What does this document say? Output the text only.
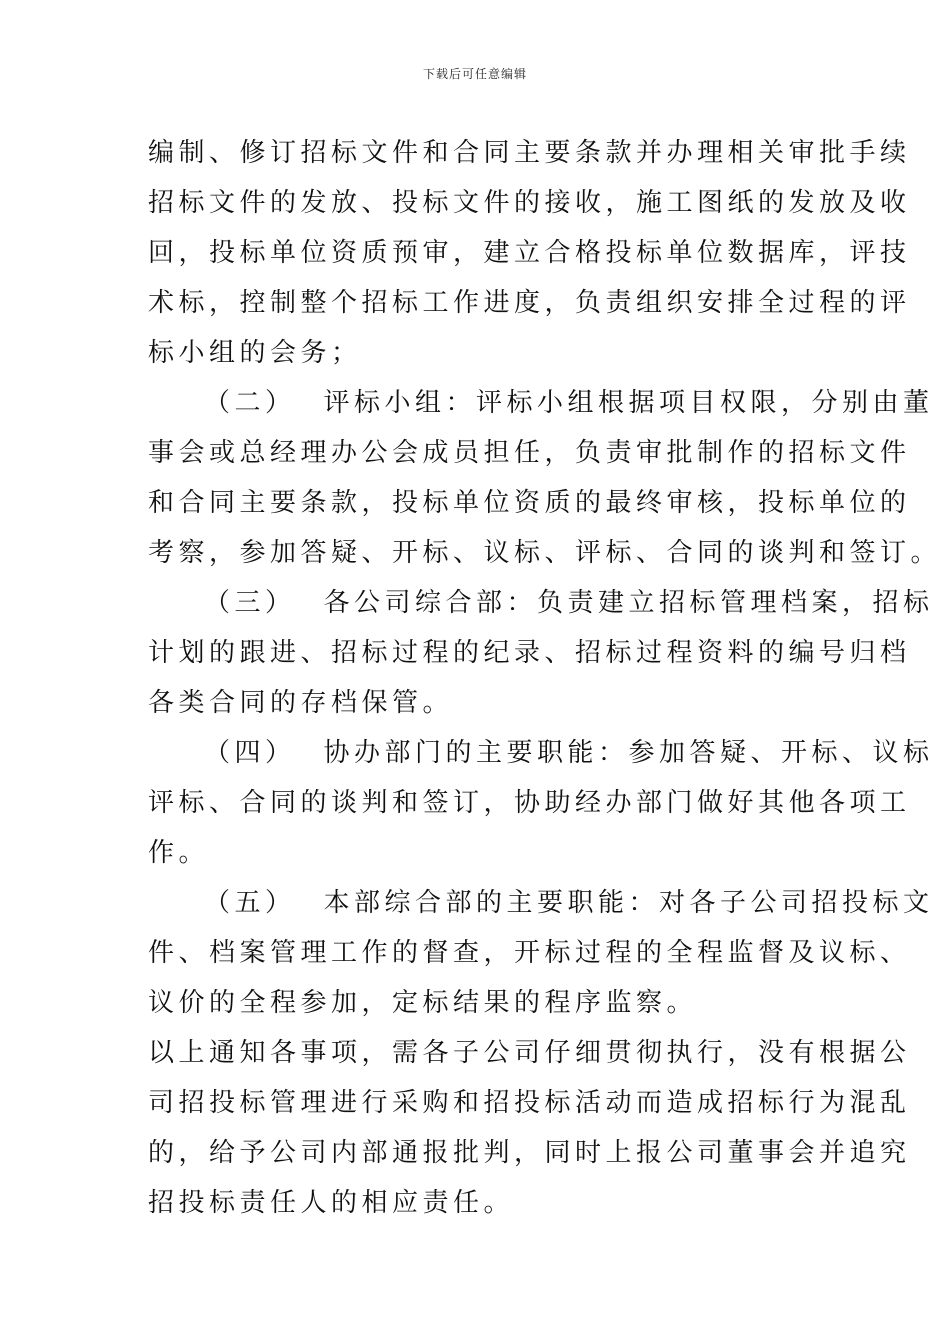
下载后可任意编辑
编制、修订招标文件和合同主要条款并办理相关审批手续
招标文件的发放、投标文件的接收，施工图纸的发放及收
回，投标单位资质预审，建立合格投标单位数据库，评技
术标，控制整个招标工作进度，负责组织安排全过程的评
标小组的会务；
（二） 评标小组：评标小组根据项目权限，分别由董
事会或总经理办公会成员担任，负责审批制作的招标文件
和合同主要条款，投标单位资质的最终审核，投标单位的
考察，参加答疑、开标、议标、评标、合同的谈判和签订。
（三） 各公司综合部：负责建立招标管理档案，招标
计划的跟进、招标过程的纪录、招标过程资料的编号归档
各类合同的存档保管。
（四） 协办部门的主要职能：参加答疑、开标、议标
评标、合同的谈判和签订，协助经办部门做好其他各项工
作。
（五） 本部综合部的主要职能：对各子公司招投标文
件、档案管理工作的督查，开标过程的全程监督及议标、
议价的全程参加，定标结果的程序监察。
以上通知各事项，需各子公司仔细贯彻执行，没有根据公
司招投标管理进行采购和招投标活动而造成招标行为混乱
的，给予公司内部通报批判，同时上报公司董事会并追究
招投标责任人的相应责任。
